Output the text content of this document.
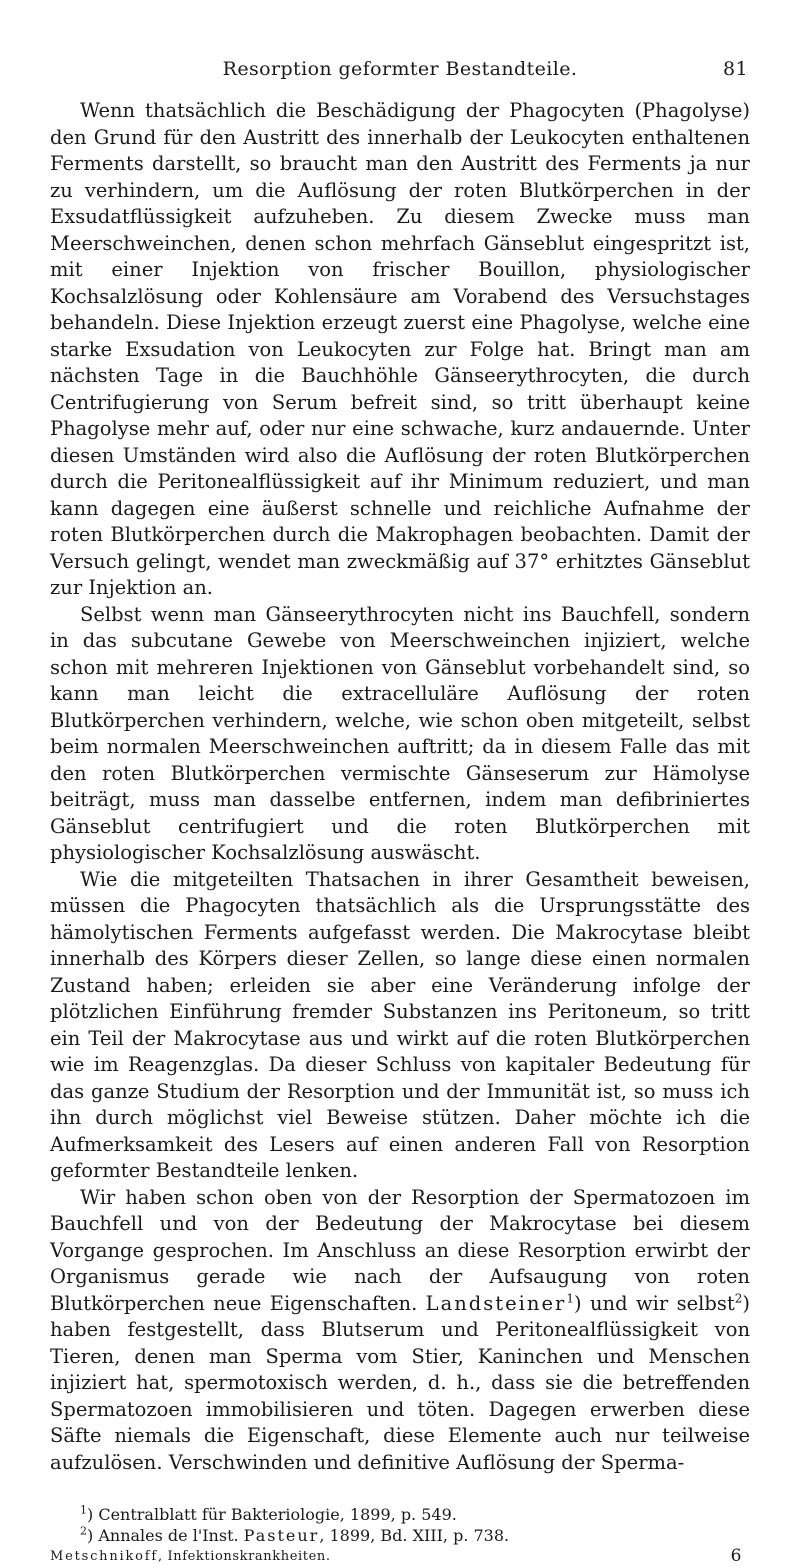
Resorption geformter Bestandteile.	81

Wenn thatsächlich die Beschädigung der Phagocyten (Phagolyse) den Grund für den Austritt des innerhalb der Leukocyten enthaltenen Ferments darstellt, so braucht man den Austritt des Ferments ja nur zu verhindern, um die Auflösung der roten Blutkörperchen in der Exsudatflüssigkeit aufzuheben. Zu diesem Zwecke muss man Meerschweinchen, denen schon mehrfach Gänseblut eingespritzt ist, mit einer Injektion von frischer Bouillon, physiologischer Kochsalzlösung oder Kohlensäure am Vorabend des Versuchstages behandeln. Diese Injektion erzeugt zuerst eine Phagolyse, welche eine starke Exsudation von Leukocyten zur Folge hat. Bringt man am nächsten Tage in die Bauchhöhle Gänseerythrocyten, die durch Centrifugierung von Serum befreit sind, so tritt überhaupt keine Phagolyse mehr auf, oder nur eine schwache, kurz andauernde. Unter diesen Umständen wird also die Auflösung der roten Blutkörperchen durch die Peritonealflüssigkeit auf ihr Minimum reduziert, und man kann dagegen eine äußerst schnelle und reichliche Aufnahme der roten Blutkörperchen durch die Makrophagen beobachten. Damit der Versuch gelingt, wendet man zweckmäßig auf 37° erhitztes Gänseblut zur Injektion an.

Selbst wenn man Gänseerythrocyten nicht ins Bauchfell, sondern in das subcutane Gewebe von Meerschweinchen injiziert, welche schon mit mehreren Injektionen von Gänseblut vorbehandelt sind, so kann man leicht die extracelluläre Auflösung der roten Blutkörperchen verhindern, welche, wie schon oben mitgeteilt, selbst beim normalen Meerschweinchen auftritt; da in diesem Falle das mit den roten Blutkörperchen vermischte Gänseserum zur Hämolyse beiträgt, muss man dasselbe entfernen, indem man defibriniertes Gänseblut centrifugiert und die roten Blutkörperchen mit physiologischer Kochsalzlösung auswäscht.

Wie die mitgeteilten Thatsachen in ihrer Gesamtheit beweisen, müssen die Phagocyten thatsächlich als die Ursprungsstätte des hämolytischen Ferments aufgefasst werden. Die Makrocytase bleibt innerhalb des Körpers dieser Zellen, so lange diese einen normalen Zustand haben; erleiden sie aber eine Veränderung infolge der plötzlichen Einführung fremder Substanzen ins Peritoneum, so tritt ein Teil der Makrocytase aus und wirkt auf die roten Blutkörperchen wie im Reagenzglas. Da dieser Schluss von kapitaler Bedeutung für das ganze Studium der Resorption und der Immunität ist, so muss ich ihn durch möglichst viel Beweise stützen. Daher möchte ich die Aufmerksamkeit des Lesers auf einen anderen Fall von Resorption geformter Bestandteile lenken.

Wir haben schon oben von der Resorption der Spermatozoen im Bauchfell und von der Bedeutung der Makrocytase bei diesem Vorgange gesprochen. Im Anschluss an diese Resorption erwirbt der Organismus gerade wie nach der Aufsaugung von roten Blutkörperchen neue Eigenschaften. Landsteiner$^1$) und wir selbst$^2$) haben festgestellt, dass Blutserum und Peritonealflüssigkeit von Tieren, denen man Sperma vom Stier, Kaninchen und Menschen injiziert hat, spermotoxisch werden, d. h., dass sie die betreffenden Spermatozoen immobilisieren und töten. Dagegen erwerben diese Säfte niemals die Eigenschaft, diese Elemente auch nur teilweise aufzulösen. Verschwinden und definitive Auflösung der Sperma-

$^1$) Centralblatt für Bakteriologie, 1899, p. 549.
$^2$) Annales de l'Inst. Pasteur, 1899, Bd. XIII, p. 738.
Metschnikoff, Infektionskrankheiten.	6
